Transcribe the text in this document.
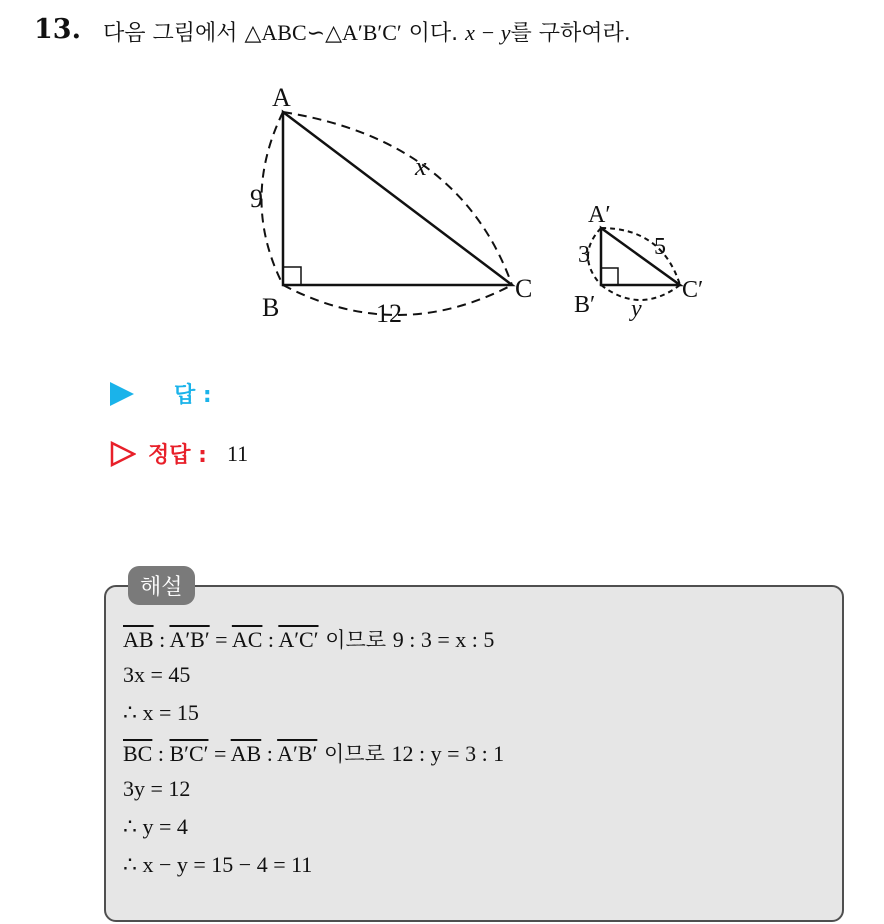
13. 다음 그림에서 △ABC∽△A′B′C′ 이다. x − y를 구하여라.
A
B
C
9
12
x
A′
B′
C′
3
y
5
답 :
정답 : 11
해설
$\overline{AB}$ : $A'B' = \overline{AC}$ : A′C′ 이므로 9 : 3 = x : 5
3x = 45
∴ x = 15
$\overline{BC}$ : $B'C' = \overline{AB}$ : A′B′ 이므로 12 : y = 3 : 1
3y = 12
∴ y = 4
∴ x − y = 15 − 4 = 11
